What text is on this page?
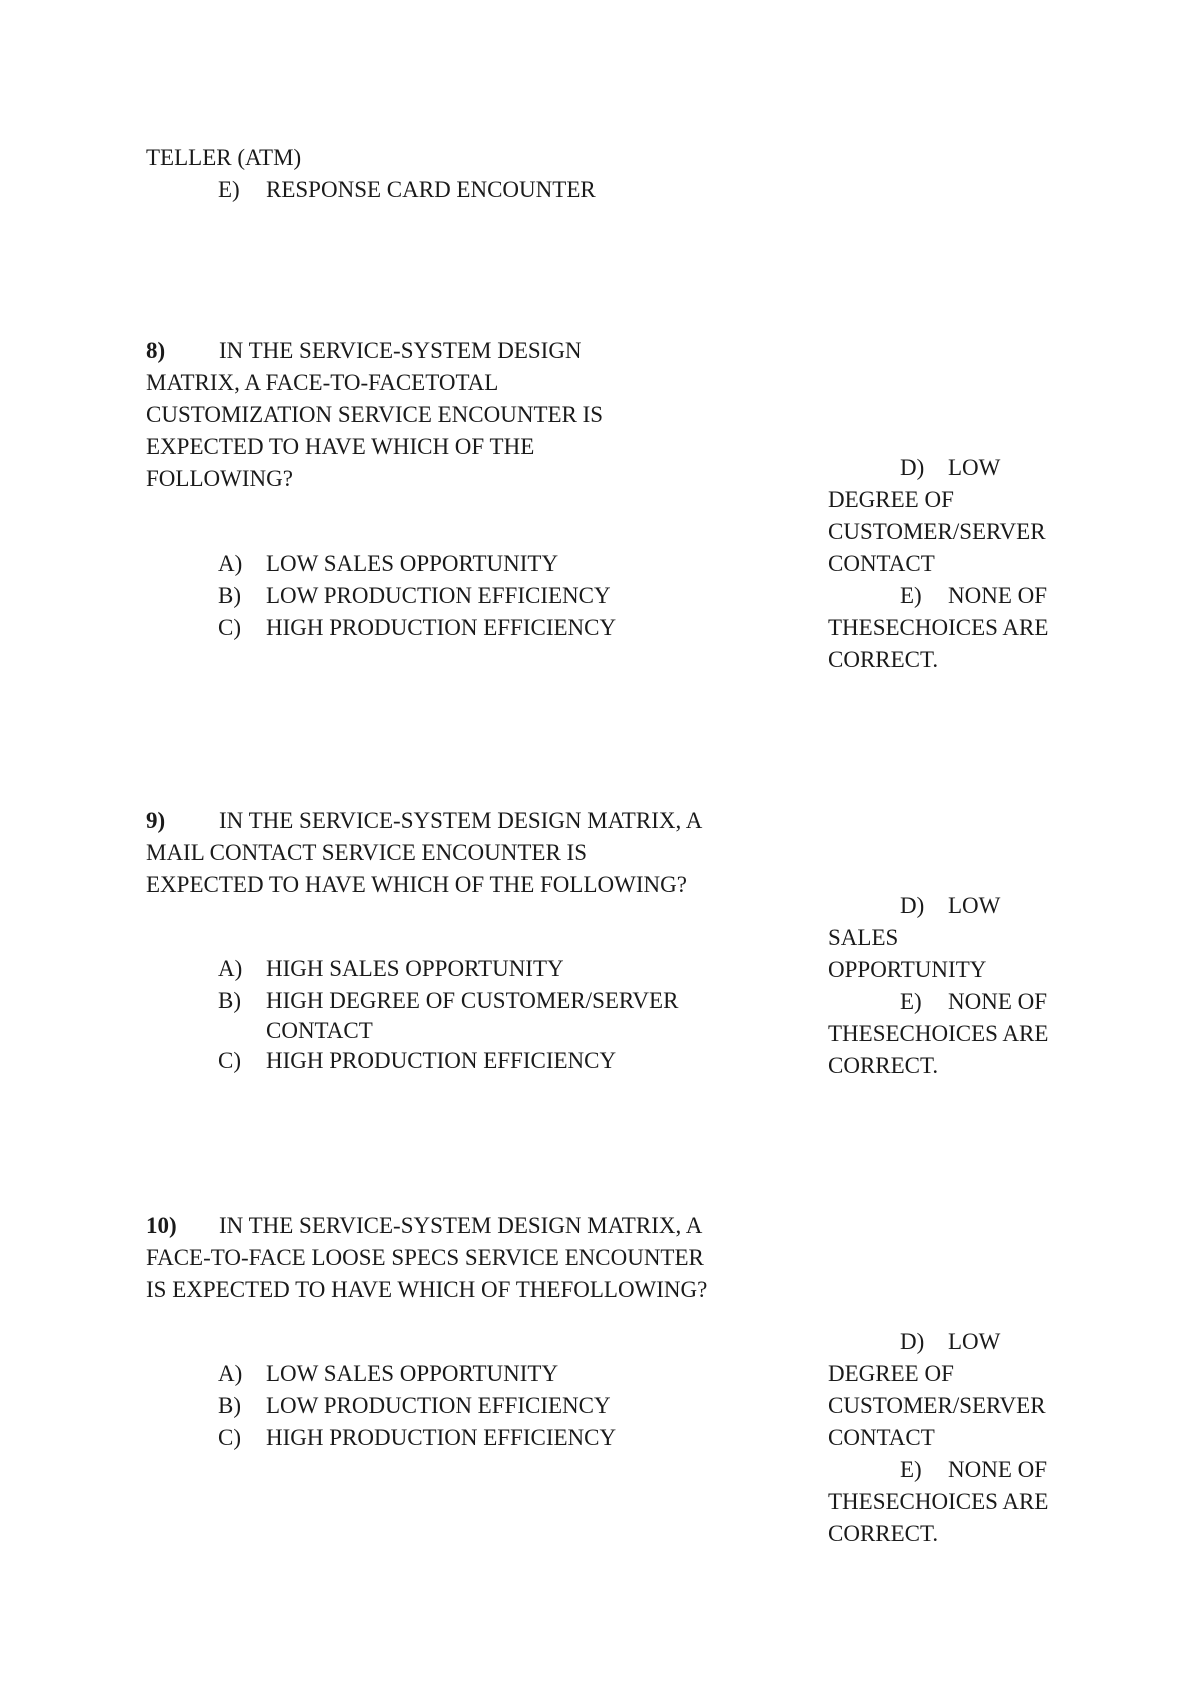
TELLER (ATM)
E) RESPONSE CARD ENCOUNTER
8) IN THE SERVICE-SYSTEM DESIGN
MATRIX, A FACE-TO-FACETOTAL
CUSTOMIZATION SERVICE ENCOUNTER IS
EXPECTED TO HAVE WHICH OF THE
FOLLOWING?
A) LOW SALES OPPORTUNITY
B) LOW PRODUCTION EFFICIENCY
C) HIGH PRODUCTION EFFICIENCY
D) LOW
DEGREE OF
CUSTOMER/SERVER
CONTACT
E) NONE OF
THESECHOICES ARE
CORRECT.
9) IN THE SERVICE-SYSTEM DESIGN MATRIX, A
MAIL CONTACT SERVICE ENCOUNTER IS
EXPECTED TO HAVE WHICH OF THE FOLLOWING?
A) HIGH SALES OPPORTUNITY
B) HIGH DEGREE OF CUSTOMER/SERVER
CONTACT
C) HIGH PRODUCTION EFFICIENCY
D) LOW
SALES
OPPORTUNITY
E) NONE OF
THESECHOICES ARE
CORRECT.
10) IN THE SERVICE-SYSTEM DESIGN MATRIX, A
FACE-TO-FACE LOOSE SPECS SERVICE ENCOUNTER
IS EXPECTED TO HAVE WHICH OF THEFOLLOWING?
A) LOW SALES OPPORTUNITY
B) LOW PRODUCTION EFFICIENCY
C) HIGH PRODUCTION EFFICIENCY
D) LOW
DEGREE OF
CUSTOMER/SERVER
CONTACT
E) NONE OF
THESECHOICES ARE
CORRECT.
